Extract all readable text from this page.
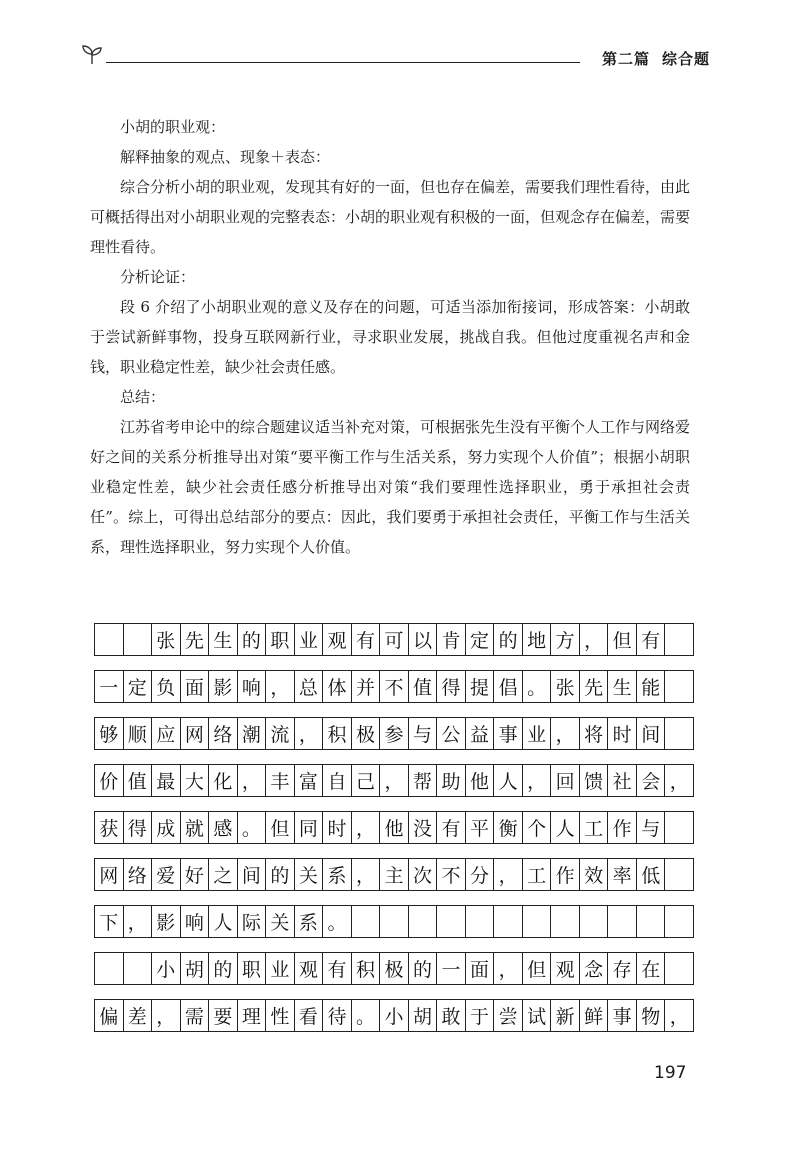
第二篇 综合题

小胡的职业观：

解释抽象的观点、现象＋表态：

综合分析小胡的职业观，发现其有好的一面，但也存在偏差，需要我们理性看待，由此可概括得出对小胡职业观的完整表态：小胡的职业观有积极的一面，但观念存在偏差，需要理性看待。

分析论证：

段 6 介绍了小胡职业观的意义及存在的问题，可适当添加衔接词，形成答案：小胡敢于尝试新鲜事物，投身互联网新行业，寻求职业发展，挑战自我。但他过度重视名声和金钱，职业稳定性差，缺少社会责任感。

总结：

江苏省考申论中的综合题建议适当补充对策，可根据张先生没有平衡个人工作与网络爱好之间的关系分析推导出对策“要平衡工作与生活关系，努力实现个人价值”；根据小胡职业稳定性差，缺少社会责任感分析推导出对策“我们要理性选择职业，勇于承担社会责任”。综上，可得出总结部分的要点：因此，我们要勇于承担社会责任，平衡工作与生活关系，理性选择职业，努力实现个人价值。

张 先 生 的 职 业 观 有 可 以 肯 定 的 地 方 ， 但 有
一 定 负 面 影 响 ， 总 体 并 不 值 得 提 倡 。 张 先 生 能
够 顺 应 网 络 潮 流 ， 积 极 参 与 公 益 事 业 ， 将 时 间
价 值 最 大 化 ， 丰 富 自 己 ， 帮 助 他 人 ， 回 馈 社 会 ，
获 得 成 就 感 。 但 同 时 ， 他 没 有 平 衡 个 人 工 作 与
网 络 爱 好 之 间 的 关 系 ， 主 次 不 分 ， 工 作 效 率 低
下 ， 影 响 人 际 关 系 。
小 胡 的 职 业 观 有 积 极 的 一 面 ， 但 观 念 存 在
偏 差 ， 需 要 理 性 看 待 。 小 胡 敢 于 尝 试 新 鲜 事 物 ，
197
